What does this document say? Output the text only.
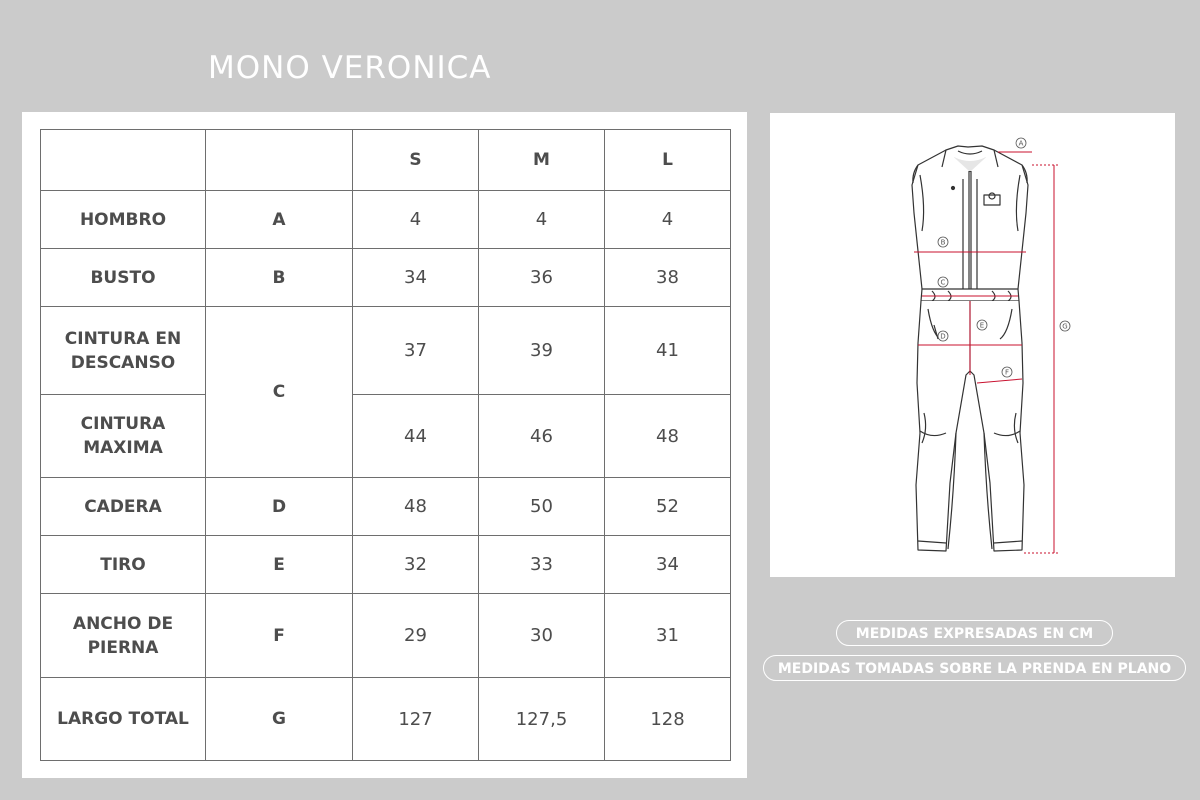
MONO VERONICA
		S	M	L
HOMBRO	A	4	4	4
BUSTO	B	34	36	38
CINTURA EN DESCANSO	C	37	39	41
CINTURA MAXIMA		44	46	48
CADERA	D	48	50	52
TIRO	E	32	33	34
ANCHO DE PIERNA	F	29	30	31
LARGO TOTAL	G	127	127,5	128
A
B
C
D
E
F
G
MEDIDAS EXPRESADAS EN CM
MEDIDAS TOMADAS SOBRE LA PRENDA EN PLANO
